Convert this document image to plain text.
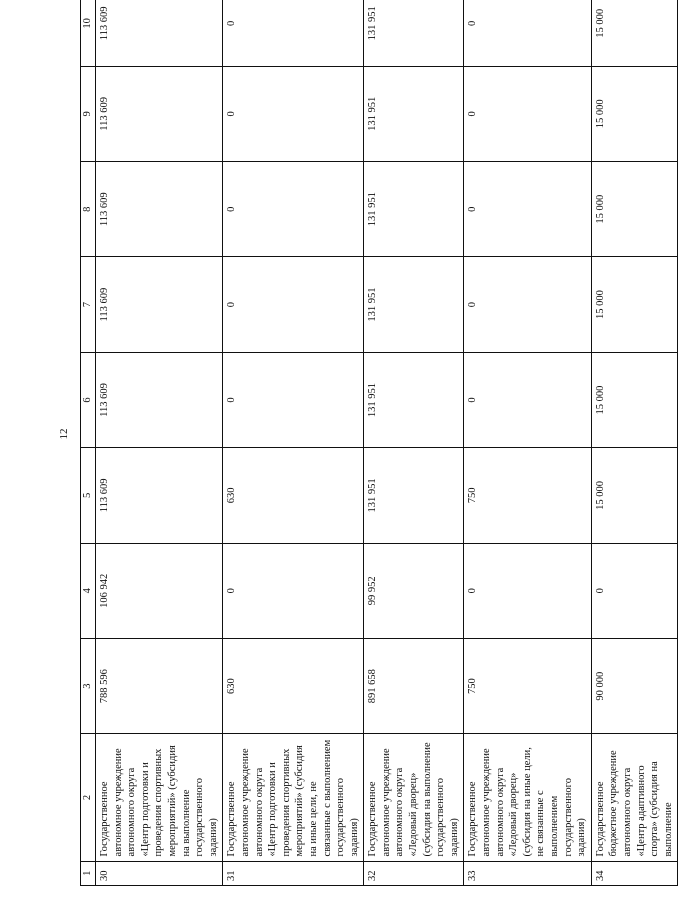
12
1	2	3	4	5	6	7	8	9	10
30	Государственное автономное учреждение автономного округа «Центр подготовки и проведения спортивных мероприятий» (субсидия на выполнение государственного задания)	788 596	106 942	113 609	113 609	113 609	113 609	113 609	113 609
31	Государственное автономное учреждение автономного округа «Центр подготовки и проведения спортивных мероприятий» (субсидия на иные цели, не связанные с выполнением государственного задания)	630	0	630	0	0	0	0	0
32	Государственное автономное учреждение автономного округа «Ледовый дворец» (субсидия на выполнение государственного задания)	891 658	99 952	131 951	131 951	131 951	131 951	131 951	131 951
33	Государственное автономное учреждение автономного округа «Ледовый дворец» (субсидия на иные цели, не связанные с выполнением государственного задания)	750	0	750	0	0	0	0	0
34	Государственное бюджетное учреждение автономного округа «Центр адаптивного спорта» (субсидия на выполнение	90 000	0	15 000	15 000	15 000	15 000	15 000	15 000
